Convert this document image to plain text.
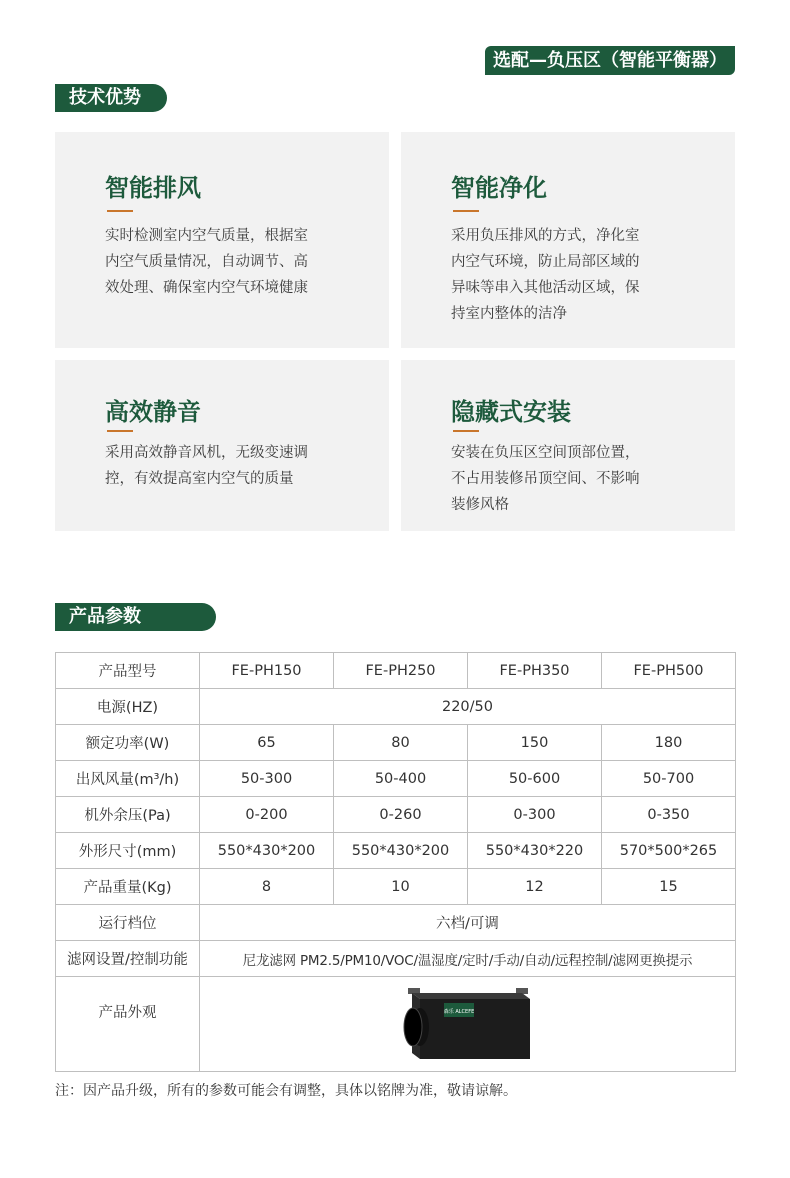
选配—负压区（智能平衡器）
技术优势
智能排风
实时检测室内空气质量，根据室
内空气质量情况，自动调节、高
效处理、确保室内空气环境健康
智能净化
采用负压排风的方式，净化室
内空气环境，防止局部区域的
异味等串入其他活动区域，保
持室内整体的洁净
高效静音
采用高效静音风机，无级变速调
控，有效提高室内空气的质量
隐藏式安装
安装在负压区空间顶部位置，
不占用装修吊顶空间、不影响
装修风格
产品参数
产品型号	FE-PH150	FE-PH250	FE-PH350	FE-PH500
电源(HZ)	220/50			
额定功率(W)	65	80	150	180
出风风量(m³/h)	50-300	50-400	50-600	50-700
机外余压(Pa)	0-200	0-260	0-300	0-350
外形尺寸(mm)	550*430*200	550*430*200	550*430*220	570*500*265
产品重量(Kg)	8	10	12	15
运行档位	六档/可调			
滤网设置/控制功能	尼龙滤网 PM2.5/PM10/VOC/温湿度/定时/手动/自动/远程控制/滤网更换提示			
产品外观	森乐 ALCEFE			
注：因产品升级，所有的参数可能会有调整，具体以铭牌为准，敬请谅解。
